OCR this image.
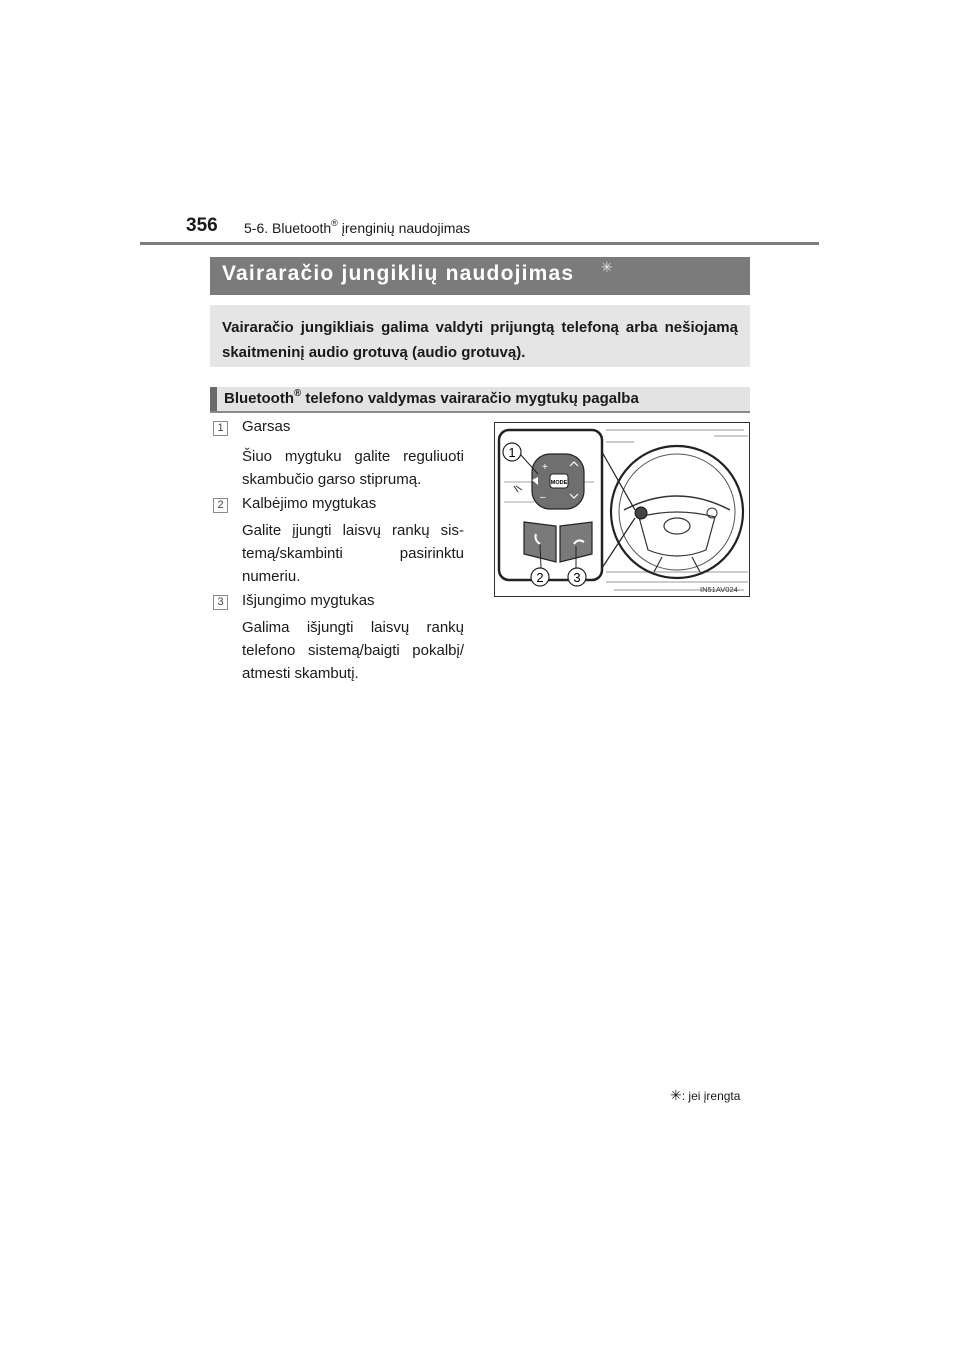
356 5-6. Bluetooth® įrenginių naudojimas
Vairaračio jungiklių naudojimas ✳
Vairaračio jungikliais galima valdyti prijungtą telefoną arba nešiojamą skaitmeninį audio grotuvą (audio grotuvą).
Bluetooth® telefono valdymas vairaračio mygtukų pagalba
1 Garsas
Šiuo mygtuku galite reguliuoti skambučio garso stiprumą.
2 Kalbėjimo mygtukas
Galite įjungti laisvų rankų sis-temą/skambinti pasirinktu numeriu.
3 Išjungimo mygtukas
Galima išjungti laisvų rankų telefono sistemą/baigti pokalbį/ atmesti skambutį.
MODE
+
–
1
2 3
IN51AV024
✳: jei įrengta
